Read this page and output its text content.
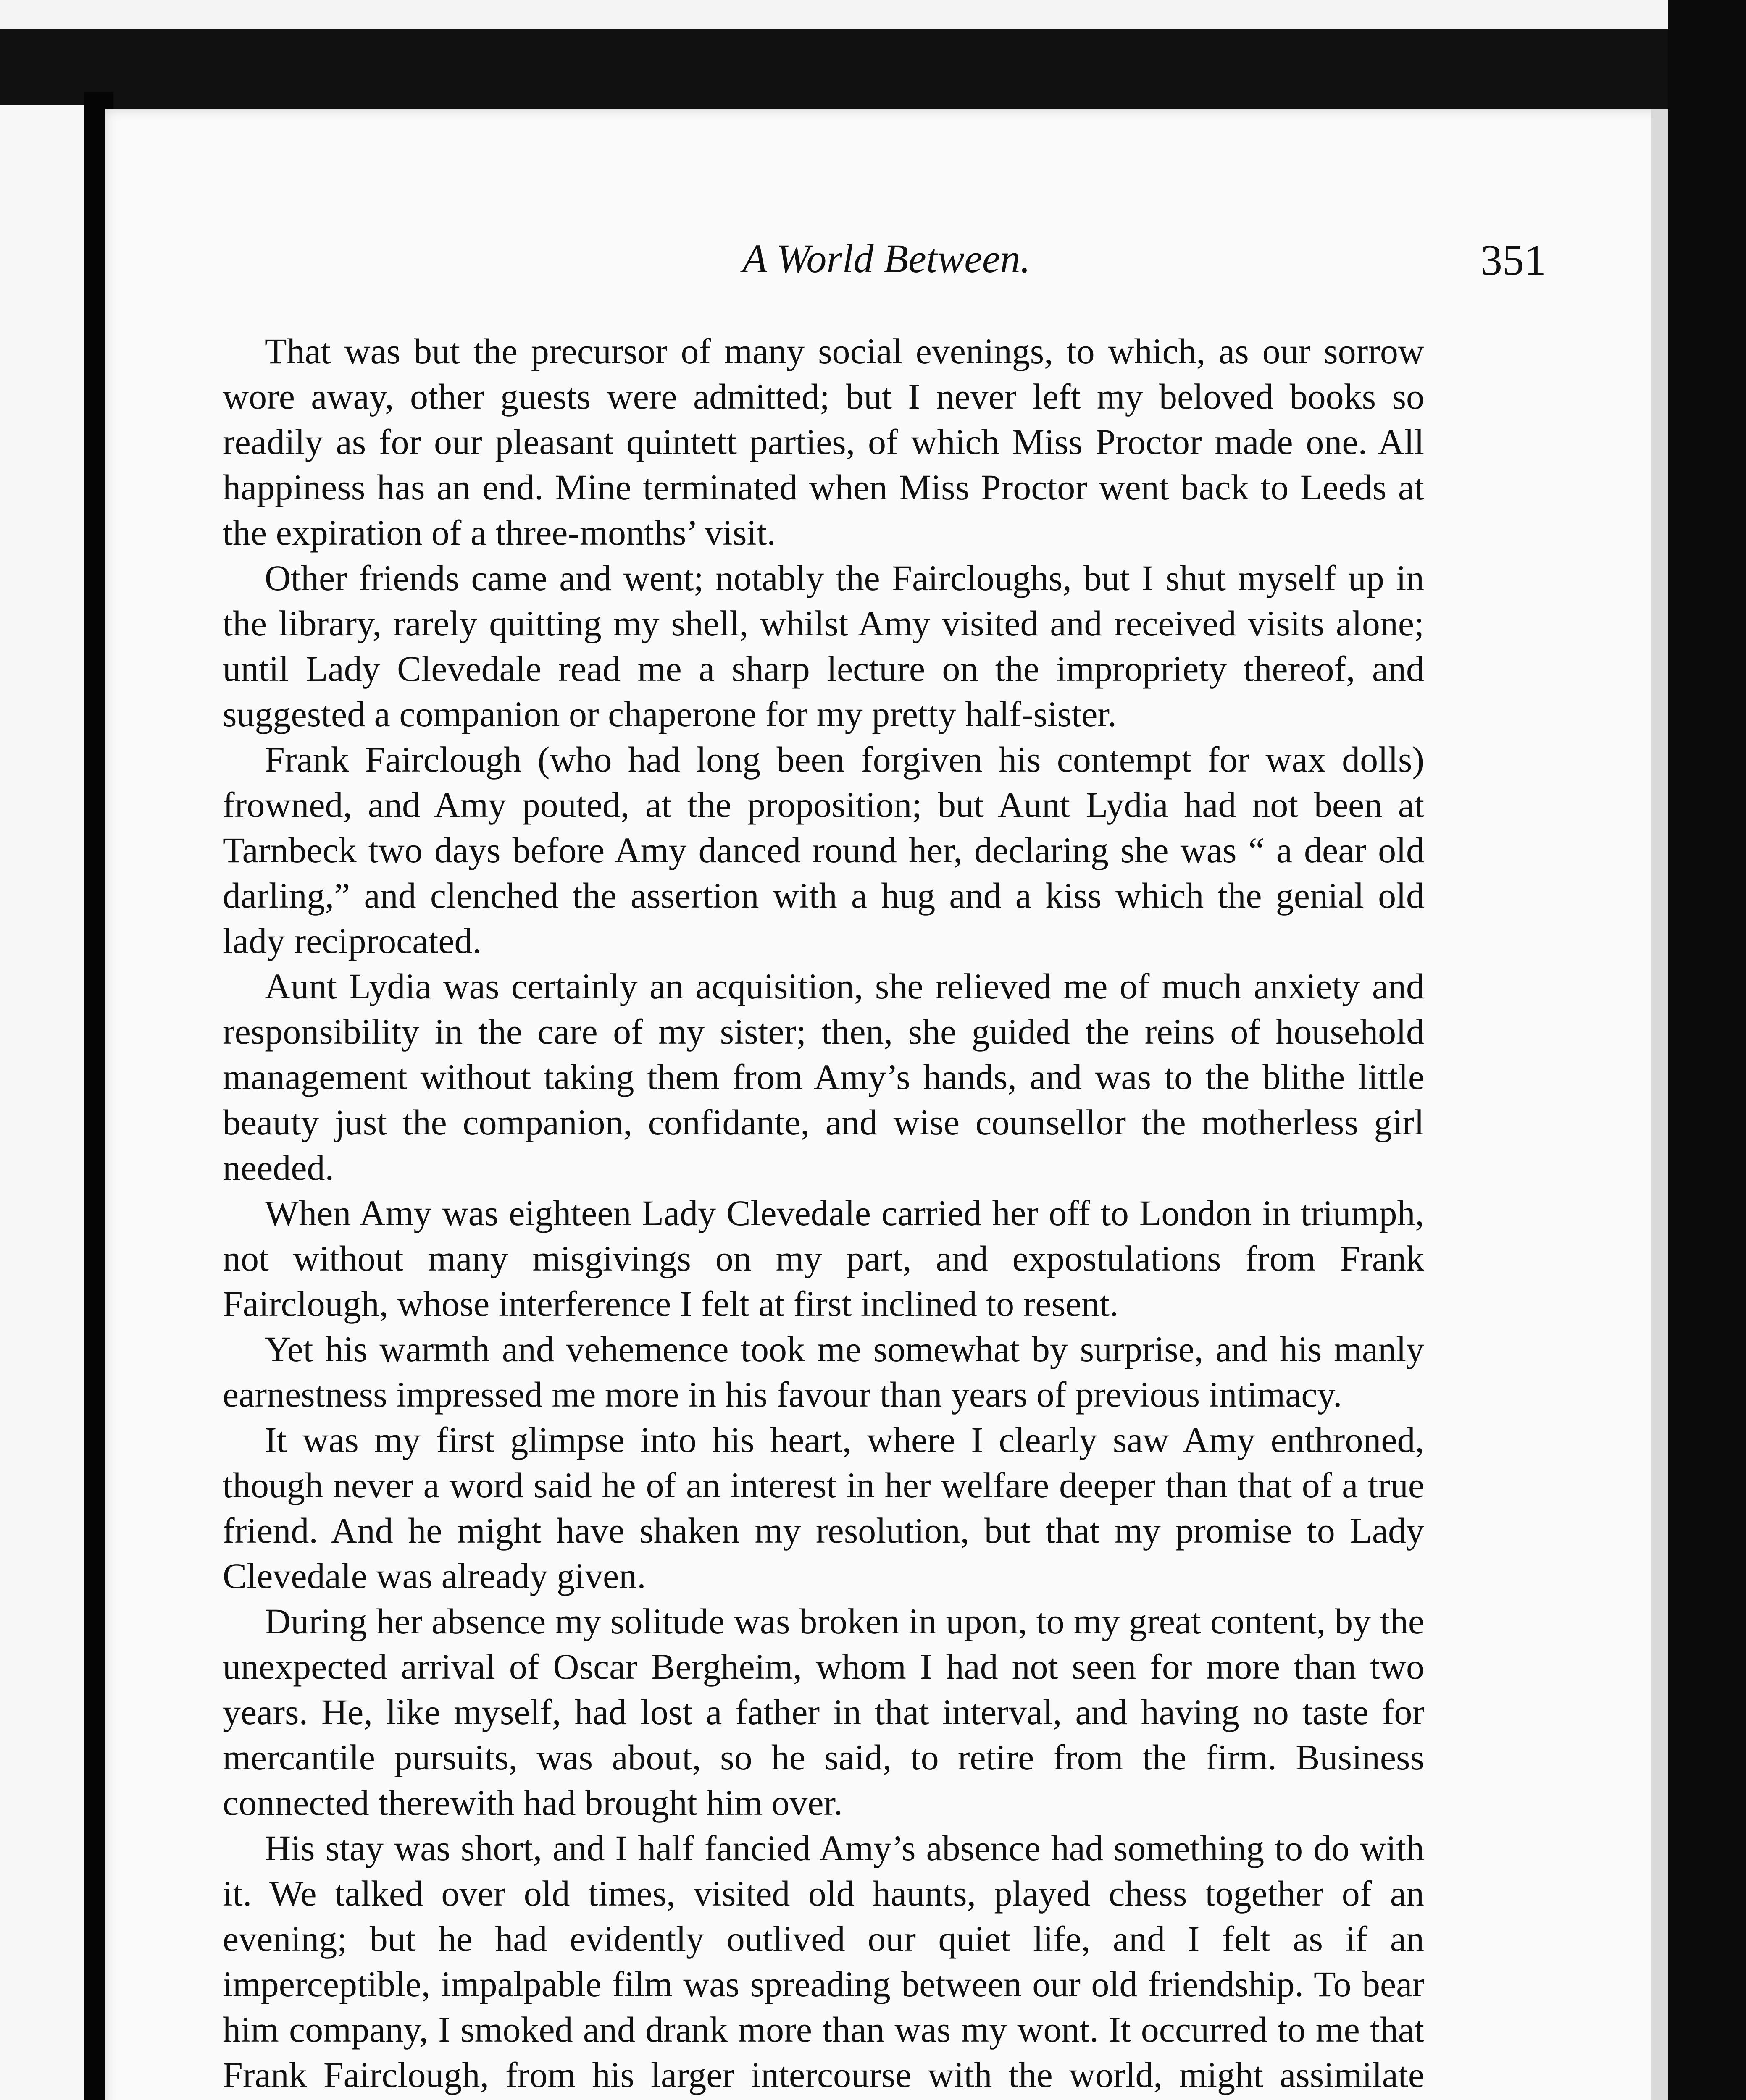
A World Between.	351

That was but the precursor of many social evenings, to which, as our sorrow wore away, other guests were admitted; but I never left my beloved books so readily as for our pleasant quintett parties, of which Miss Proctor made one. All happiness has an end. Mine terminated when Miss Proctor went back to Leeds at the expiration of a three-months’ visit.

Other friends came and went; notably the Faircloughs, but I shut myself up in the library, rarely quitting my shell, whilst Amy visited and received visits alone; until Lady Clevedale read me a sharp lecture on the impropriety thereof, and suggested a companion or chaperone for my pretty half-sister.

Frank Fairclough (who had long been forgiven his contempt for wax dolls) frowned, and Amy pouted, at the proposition; but Aunt Lydia had not been at Tarnbeck two days before Amy danced round her, declaring she was “ a dear old darling,” and clenched the assertion with a hug and a kiss which the genial old lady reciprocated.

Aunt Lydia was certainly an acquisition, she relieved me of much anxiety and responsibility in the care of my sister; then, she guided the reins of household management without taking them from Amy’s hands, and was to the blithe little beauty just the companion, confidante, and wise counsellor the motherless girl needed.

When Amy was eighteen Lady Clevedale carried her off to London in triumph, not without many misgivings on my part, and expostulations from Frank Fairclough, whose interference I felt at first inclined to resent.

Yet his warmth and vehemence took me somewhat by surprise, and his manly earnestness impressed me more in his favour than years of previous intimacy.

It was my first glimpse into his heart, where I clearly saw Amy enthroned, though never a word said he of an interest in her welfare deeper than that of a true friend. And he might have shaken my resolution, but that my promise to Lady Clevedale was already given.

During her absence my solitude was broken in upon, to my great content, by the unexpected arrival of Oscar Bergheim, whom I had not seen for more than two years. He, like myself, had lost a father in that interval, and having no taste for mercantile pursuits, was about, so he said, to retire from the firm. Business connected therewith had brought him over.

His stay was short, and I half fancied Amy’s absence had something to do with it. We talked over old times, visited old haunts, played chess together of an evening; but he had evidently outlived our quiet life, and I felt as if an imperceptible, impalpable film was spreading between our old friendship. To bear him company, I smoked and drank more than was my wont. It occurred to me that Frank Fairclough, from his larger intercourse with the world, might assimilate
